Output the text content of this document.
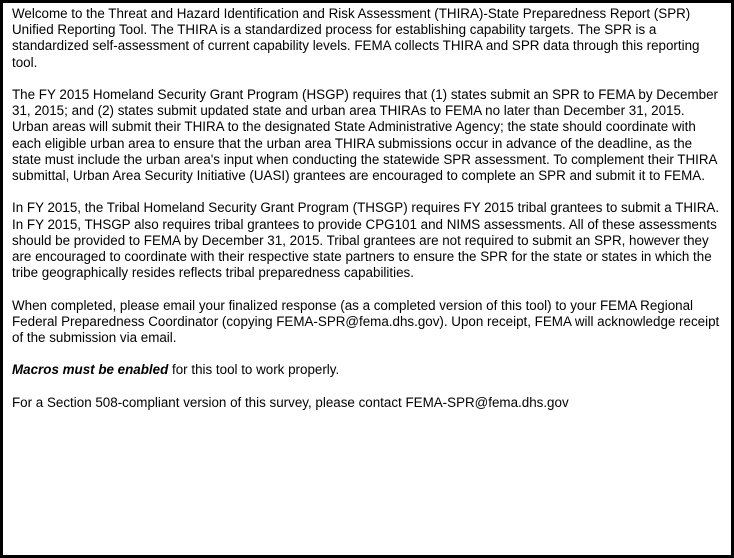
Welcome to the Threat and Hazard Identification and Risk Assessment (THIRA)-State Preparedness Report (SPR) Unified Reporting Tool. The THIRA is a standardized process for establishing capability targets. The SPR is a standardized self-assessment of current capability levels. FEMA collects THIRA and SPR data through this reporting tool.

The FY 2015 Homeland Security Grant Program (HSGP) requires that (1) states submit an SPR to FEMA by December 31, 2015; and (2) states submit updated state and urban area THIRAs to FEMA no later than December 31, 2015. Urban areas will submit their THIRA to the designated State Administrative Agency; the state should coordinate with each eligible urban area to ensure that the urban area THIRA submissions occur in advance of the deadline, as the state must include the urban area's input when conducting the statewide SPR assessment. To complement their THIRA submittal, Urban Area Security Initiative (UASI) grantees are encouraged to complete an SPR and submit it to FEMA.

In FY 2015, the Tribal Homeland Security Grant Program (THSGP) requires FY 2015 tribal grantees to submit a THIRA. In FY 2015, THSGP also requires tribal grantees to provide CPG101 and NIMS assessments. All of these assessments should be provided to FEMA by December 31, 2015. Tribal grantees are not required to submit an SPR, however they are encouraged to coordinate with their respective state partners to ensure the SPR for the state or states in which the tribe geographically resides reflects tribal preparedness capabilities.

When completed, please email your finalized response (as a completed version of this tool) to your FEMA Regional Federal Preparedness Coordinator (copying FEMA-SPR@fema.dhs.gov). Upon receipt, FEMA will acknowledge receipt of the submission via email.

Macros must be enabled for this tool to work properly.

For a Section 508-compliant version of this survey, please contact FEMA-SPR@fema.dhs.gov
